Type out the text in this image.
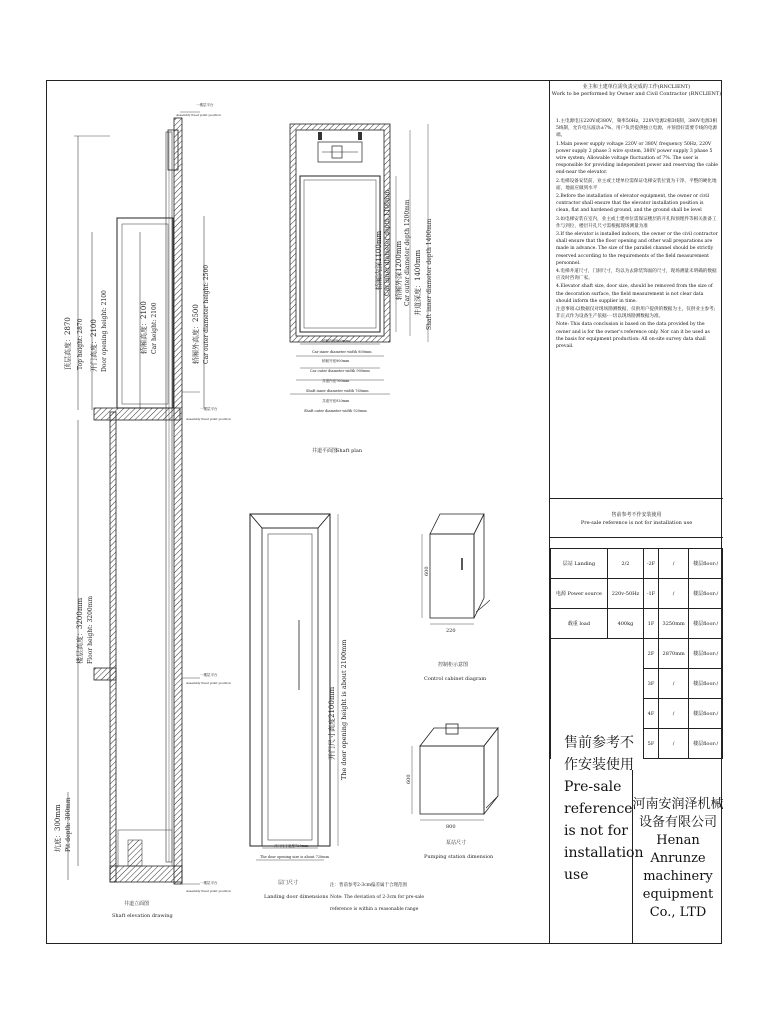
一楼层平台
Assembly fixed point position
一楼层平台
Assembly fixed point position
一楼层平台
Assembly fixed point position
一楼层平台
Assembly fixed point position
顶层高度：2870 Top height: 2870 开门高度：2100 Door opening height: 2100	轿厢高度：2100 Car height: 2100	轿厢外高度：2500 Car outer diameter height: 2500
楼层高度：3200mm Floor height: 3200mm
坑底：300mm Pit depth: 300mm
井道立面图
Shaft elevation drawing
轿厢内宽800mm
Car inner diameter width 800mm
轿厢外宽900mm
Car outer diameter width 900mm
井道内宽760mm
Shaft inner diameter width 760mm
井道外宽920mm
Shaft outer diameter width 920mm
轿厢内深1100mm Car inner diameter depth 1100mm 轿厢外深1200mm Car outer diameter depth 1200mm 井道深度：1400mm Shaft inner diameter depth 1400mm
井道平面图
Shaft plan
开门尺寸高度2100mm The door opening height is about 2100mm
开门尺寸宽度720mm
The door opening size is about 720mm
层门尺寸
Landing door dimensions
注：售前参考2-3cm偏差属于合理范围
Note: The deviation of 2-3cm for pre-sale
reference is within a reasonable range
600
220
控制柜示意图
Control cabinet diagram
600
800
泵站尺寸
Pumping station dimension
业主和土建单位需负责完成的工作(RNCLIENT)
Work to be performed by Owner and Civil Contractor (RNCLIENT)

1.主电源电压220V或380V，频率50Hz，220V电源2相3线制，380V电源3相5线制，允许电压波动±7%，用户负责提供独立电源，并预留好需要专线的电源端。

1.Main power supply voltage 220V or 380V, frequency 50Hz, 220V power supply 2 phase 3 wire system, 380V power supply 3 phase 5 wire system; Allowable voltage fluctuation of 7%. The user is responsible for providing independent power and reserving the cable end-near the elevator.

2.电梯设备安装前，业主或土建单位需保证电梯安装位置为干净、平整的硬化地面，地面应做到水平

2.Before the installation of elevator equipment, the owner or civil contractor shall ensure that the elevator installation position is clean, flat and hardened ground, and the ground shall be level

3.如电梯安装在室内，业主或土建单位需保证楼层的开孔和预埋件等相关准备工作与到位，楼层开孔尺寸需根据现场测量为准

3.If the elevator is installed indoors, the owner or the civil contractor shall ensure that the floor opening and other wall preparations are made in advance. The size of the parallel channel should be strictly reserved according to the requirements of the field measurement personnel.

4.电梯井道尺寸，门洞尺寸，均以为去除装饰面的尺寸，现场测量未明确的数据应及时咨询厂家。

4.Elevator shaft size, door size, should be removed from the size of the decoration surface, the field measurement is not clear data should inform the supplier in time.

注意事项:以数据仅对现场勘测数据，仅供用户提供的数据为主，仅供业主参考;非正式作为设备生产依据-一切以现场勘测数据为准。

Note: This data conclusion is based on the data provided by the owner and is for the owner's reference only. Nor can it be used as the basis for equipment production: All on-site survey data shall prevail.

售前参考不作安装使用
Pre-sale reference is not for installation use
层站 Landing	2/2	-2F	/	楼层floor:/
电源 Power source	220v-50Hz	-1F	/	楼层floor:/
载重 load	400kg	1F	3250mm	楼层floor:/
		2F	2870mm	楼层floor:/
		3F	/	楼层floor:/
		4F	/	楼层floor:/
		5F	/	楼层floor:/
售前参考不作安装使用
Pre-sale reference is not for installation use
河南安润泽机械设备有限公司
Henan Anrunze machinery equipment Co., LTD
